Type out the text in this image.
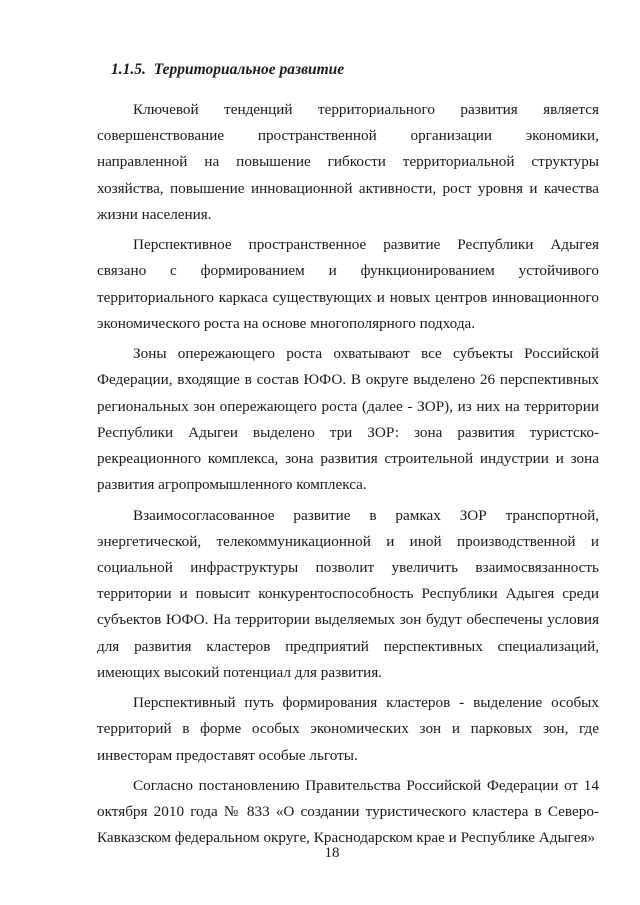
1.1.5. Территориальное развитие

Ключевой тенденций территориального развития является совершенствование пространственной организации экономики, направленной на повышение гибкости территориальной структуры хозяйства, повышение инновационной активности, рост уровня и качества жизни населения.

Перспективное пространственное развитие Республики Адыгея связано с формированием и функционированием устойчивого территориального каркаса существующих и новых центров инновационного экономического роста на основе многополярного подхода.

Зоны опережающего роста охватывают все субъекты Российской Федерации, входящие в состав ЮФО. В округе выделено 26 перспективных региональных зон опережающего роста (далее - ЗОР), из них на территории Республики Адыгеи выделено три ЗОР: зона развития туристско-рекреационного комплекса, зона развития строительной индустрии и зона развития агропромышленного комплекса.

Взаимосогласованное развитие в рамках ЗОР транспортной, энергетической, телекоммуникационной и иной производственной и социальной инфраструктуры позволит увеличить взаимосвязанность территории и повысит конкурентоспособность Республики Адыгея среди субъектов ЮФО. На территории выделяемых зон будут обеспечены условия для развития кластеров предприятий перспективных специализаций, имеющих высокий потенциал для развития.

Перспективный путь формирования кластеров - выделение особых территорий в форме особых экономических зон и парковых зон, где инвесторам предоставят особые льготы.

Согласно постановлению Правительства Российской Федерации от 14 октября 2010 года № 833 «О создании туристического кластера в Северо-Кавказском федеральном округе, Краснодарском крае и Республике Адыгея»

18
